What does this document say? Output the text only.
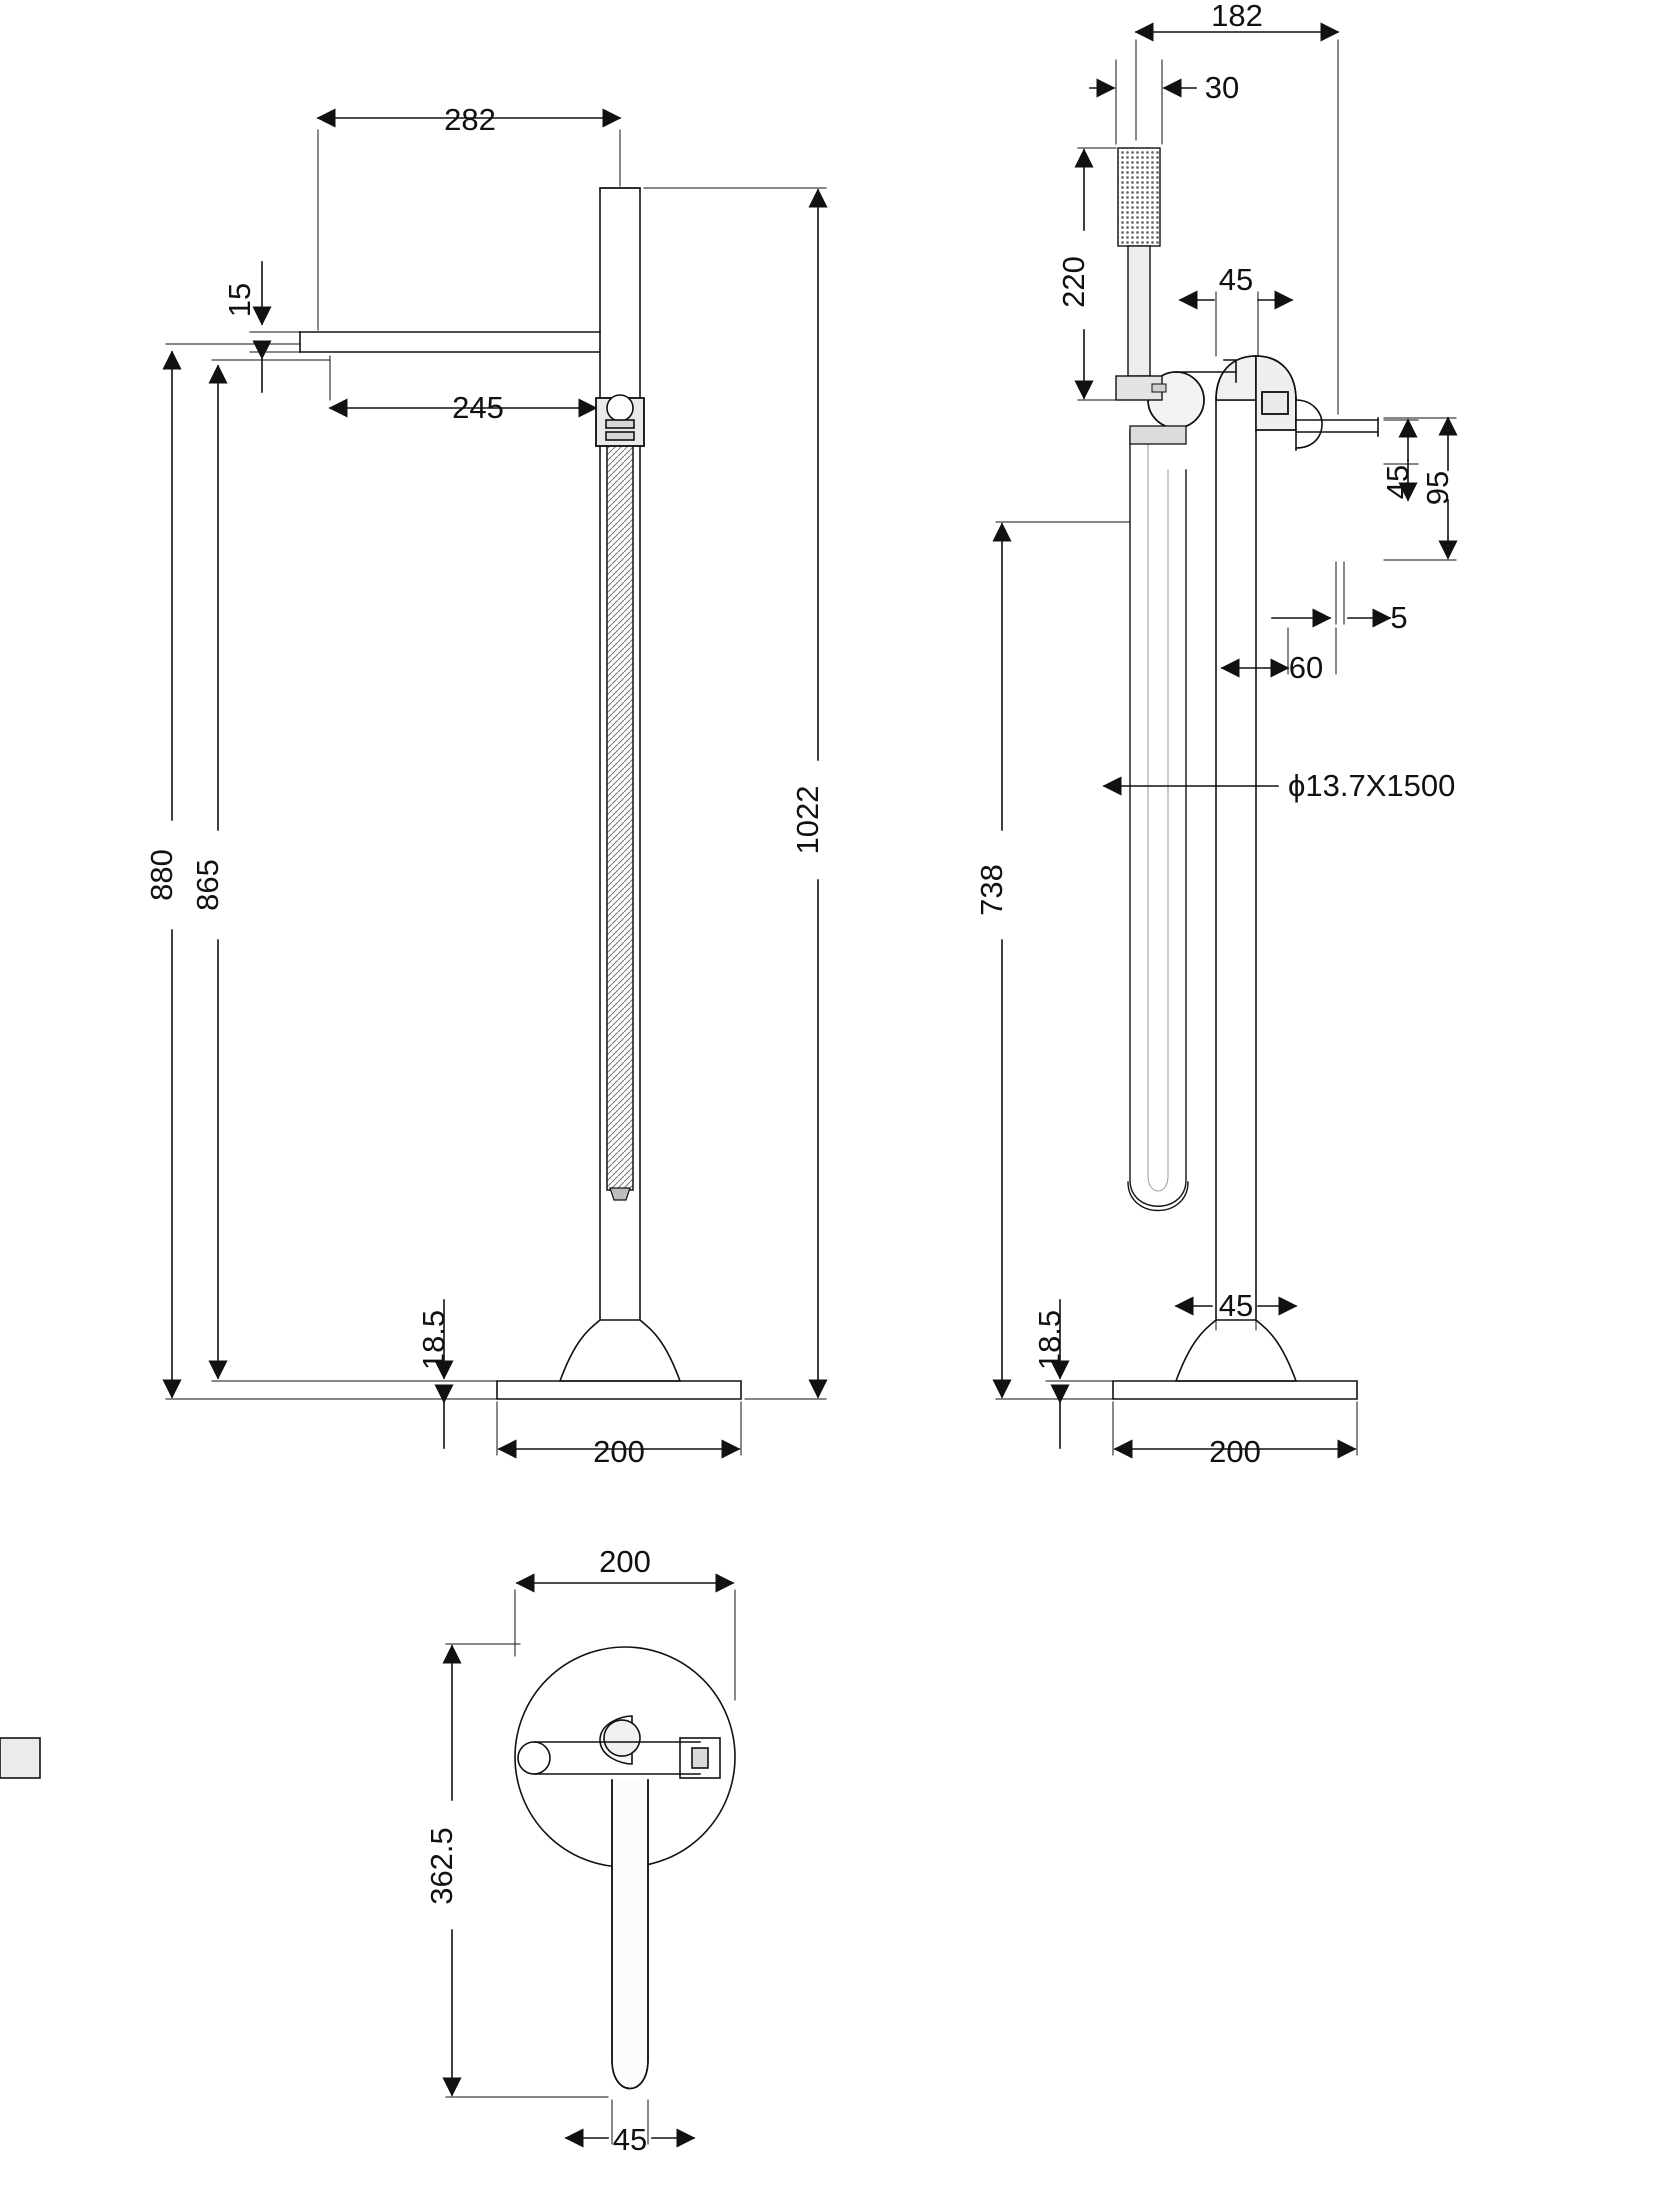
282
15
245
1022
880 865
18.5
200
182
30
220	45
45 95
5
60
ϕ13.7X1500
738
18.5
45
200
200
362.5
45
